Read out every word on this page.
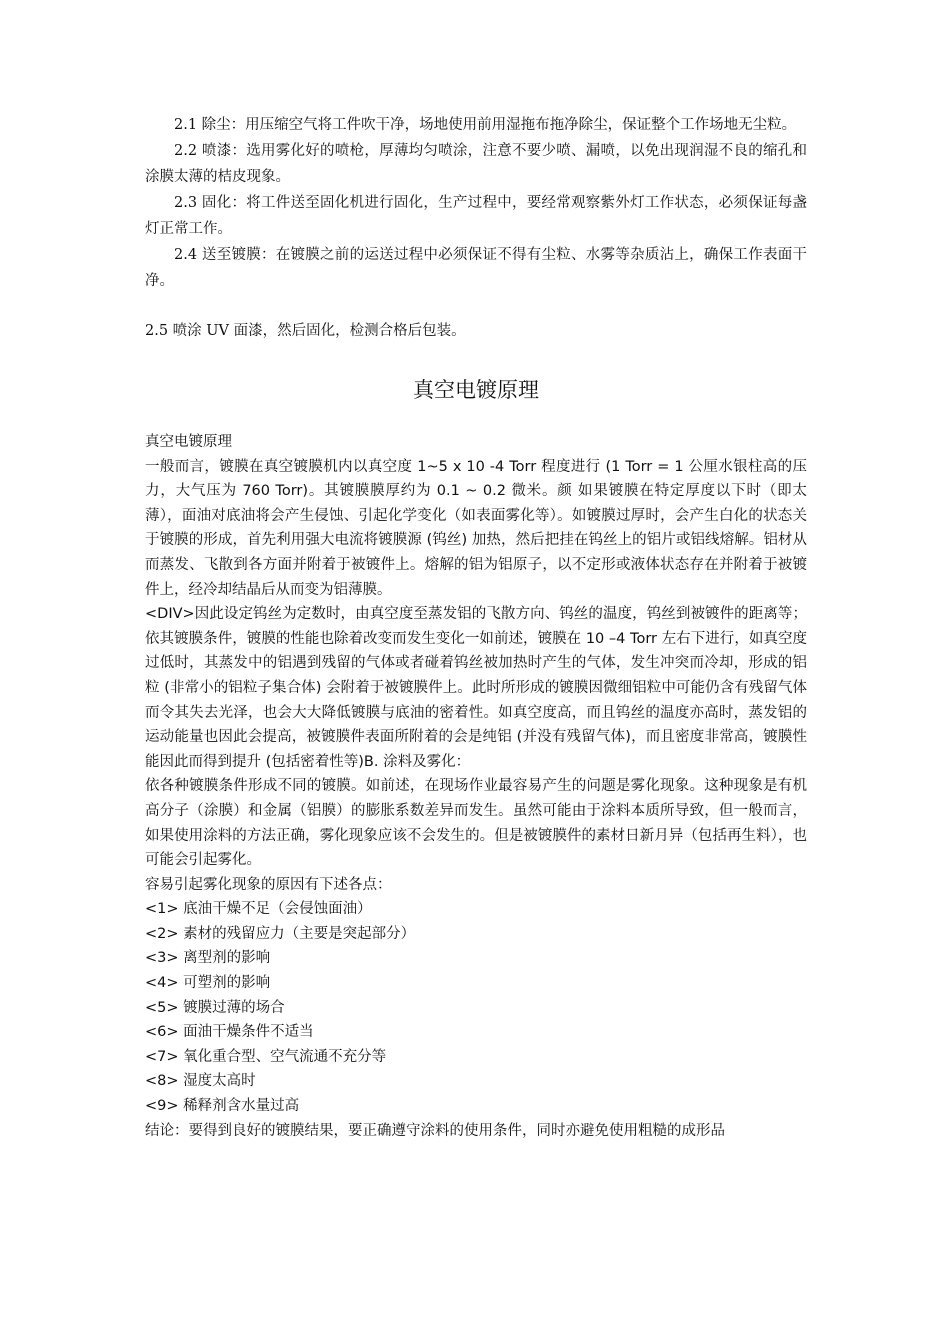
2.1 除尘：用压缩空气将工件吹干净，场地使用前用湿拖布拖净除尘，保证整个工作场地无尘粒。

2.2 喷漆：选用雾化好的喷枪，厚薄均匀喷涂，注意不要少喷、漏喷，以免出现润湿不良的缩孔和涂膜太薄的桔皮现象。

2.3 固化：将工件送至固化机进行固化，生产过程中，要经常观察紫外灯工作状态，必须保证每盏灯正常工作。

2.4 送至镀膜：在镀膜之前的运送过程中必须保证不得有尘粒、水雾等杂质沾上，确保工作表面干净。

2.5 喷涂 UV 面漆，然后固化，检测合格后包装。

真空电镀原理

真空电镀原理

一般而言，镀膜在真空镀膜机内以真空度 1~5 x 10 -4 Torr 程度进行 (1 Torr = 1 公厘水银柱高的压力，大气压为 760 Torr)。其镀膜膜厚约为 0.1 ~ 0.2 微米。颜 如果镀膜在特定厚度以下时（即太薄），面油对底油将会产生侵蚀、引起化学变化（如表面雾化等）。如镀膜过厚时，会产生白化的状态关于镀膜的形成，首先利用强大电流将镀膜源 (钨丝) 加热，然后把挂在钨丝上的铝片或铝线熔解。铝材从而蒸发、飞散到各方面并附着于被镀件上。熔解的铝为铝原子，以不定形或液体状态存在并附着于被镀件上，经冷却结晶后从而变为铝薄膜。

<DIV>因此设定钨丝为定数时，由真空度至蒸发铝的飞散方向、钨丝的温度，钨丝到被镀件的距离等；依其镀膜条件，镀膜的性能也除着改变而发生变化一如前述，镀膜在 10 –4 Torr 左右下进行，如真空度过低时，其蒸发中的铝遇到残留的气体或者碰着钨丝被加热时产生的气体，发生冲突而冷却，形成的铝粒 (非常小的铝粒子集合体) 会附着于被镀膜件上。此时所形成的镀膜因微细铝粒中可能仍含有残留气体而令其失去光泽，也会大大降低镀膜与底油的密着性。如真空度高，而且钨丝的温度亦高时，蒸发铝的运动能量也因此会提高，被镀膜件表面所附着的会是纯铝 (并没有残留气体)，而且密度非常高，镀膜性能因此而得到提升 (包括密着性等)B. 涂料及雾化：

依各种镀膜条件形成不同的镀膜。如前述，在现场作业最容易产生的问题是雾化现象。这种现象是有机高分子（涂膜）和金属（铝膜）的膨胀系数差异而发生。虽然可能由于涂料本质所导致，但一般而言，如果使用涂料的方法正确，雾化现象应该不会发生的。但是被镀膜件的素材日新月异（包括再生料），也可能会引起雾化。

容易引起雾化现象的原因有下述各点：

<1> 底油干燥不足（会侵蚀面油）

<2> 素材的残留应力（主要是突起部分）

<3> 离型剂的影响

<4> 可塑剂的影响

<5> 镀膜过薄的场合

<6> 面油干燥条件不适当

<7> 氧化重合型、空气流通不充分等

<8> 湿度太高时

<9> 稀释剂含水量过高

结论：要得到良好的镀膜结果，要正确遵守涂料的使用条件，同时亦避免使用粗糙的成形品
